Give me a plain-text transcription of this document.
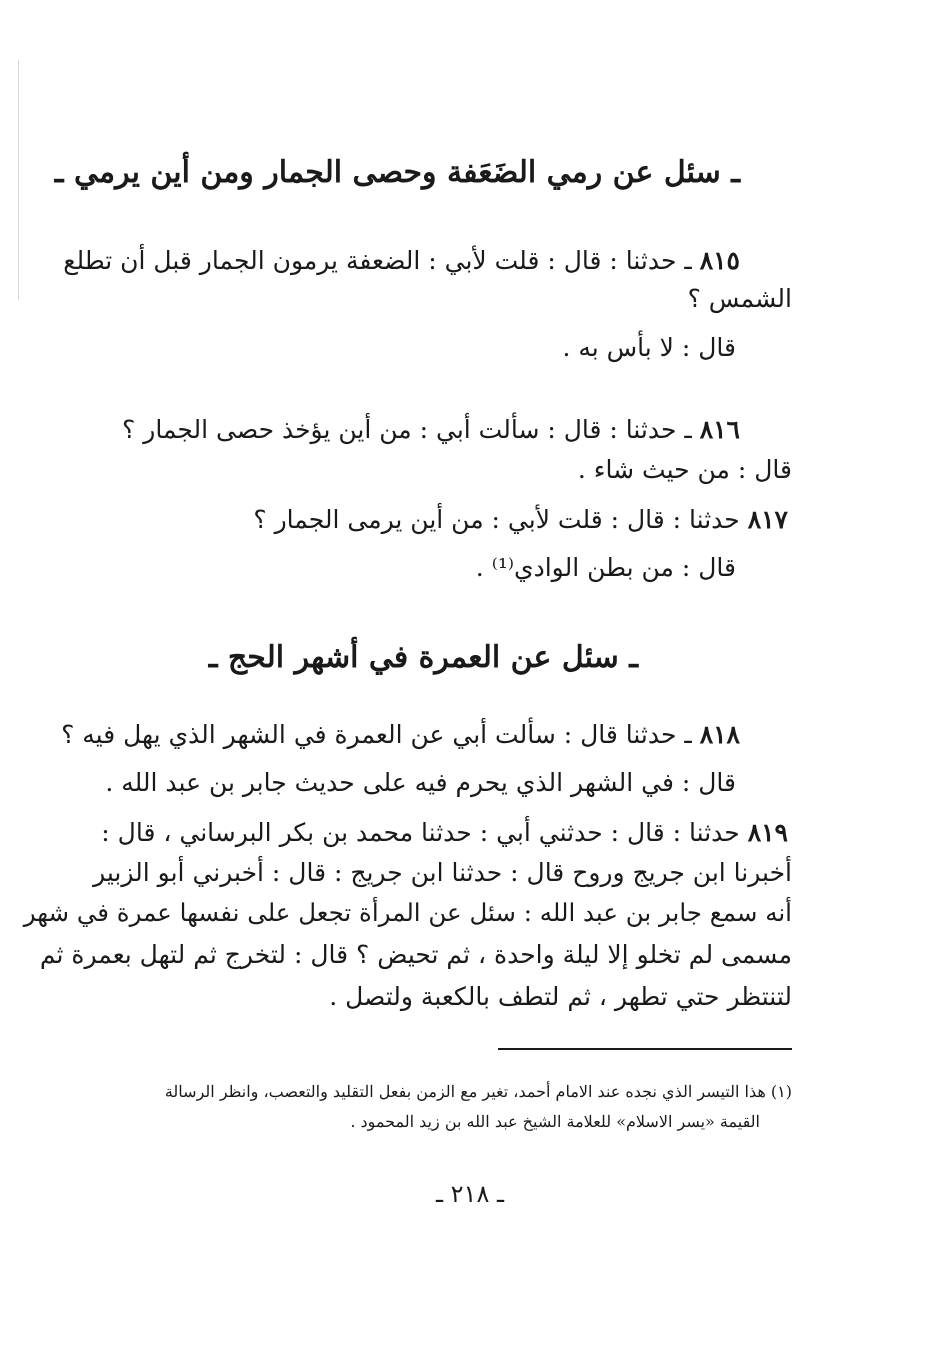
ـ سئل عن رمي الضَعَفة وحصى الجمار ومن أين يرمي ـ
٨١٥ ـ حدثنا : قال : قلت لأبي : الضعفة يرمون الجمار قبل أن تطلع
الشمس ؟
قال : لا بأس به .
٨١٦ ـ حدثنا : قال : سألت أبي : من أين يؤخذ حصى الجمار ؟
قال : من حيث شاء .
٨١٧ حدثنا : قال : قلت لأبي : من أين يرمى الجمار ؟
قال : من بطن الوادي⁽¹⁾ .
ـ سئل عن العمرة في أشهر الحج ـ
٨١٨ ـ حدثنا قال : سألت أبي عن العمرة في الشهر الذي يهل فيه ؟
قال : في الشهر الذي يحرم فيه على حديث جابر بن عبد الله .
٨١٩ حدثنا : قال : حدثني أبي : حدثنا محمد بن بكر البرساني ، قال :
أخبرنا ابن جريج وروح قال : حدثنا ابن جريج : قال : أخبرني أبو الزبير
أنه سمع جابر بن عبد الله : سئل عن المرأة تجعل على نفسها عمرة في شهر
مسمى لم تخلو إلا ليلة واحدة ، ثم تحيض ؟ قال : لتخرج ثم لتهل بعمرة ثم
لتنتظر حتي تطهر ، ثم لتطف بالكعبة ولتصل .
(١) هذا التيسر الذي نجده عند الامام أحمد، تغير مع الزمن بفعل التقليد والتعصب، وانظر الرسالة
القيمة «يسر الاسلام» للعلامة الشيخ عبد الله بن زيد المحمود .
ـ ٢١٨ ـ
